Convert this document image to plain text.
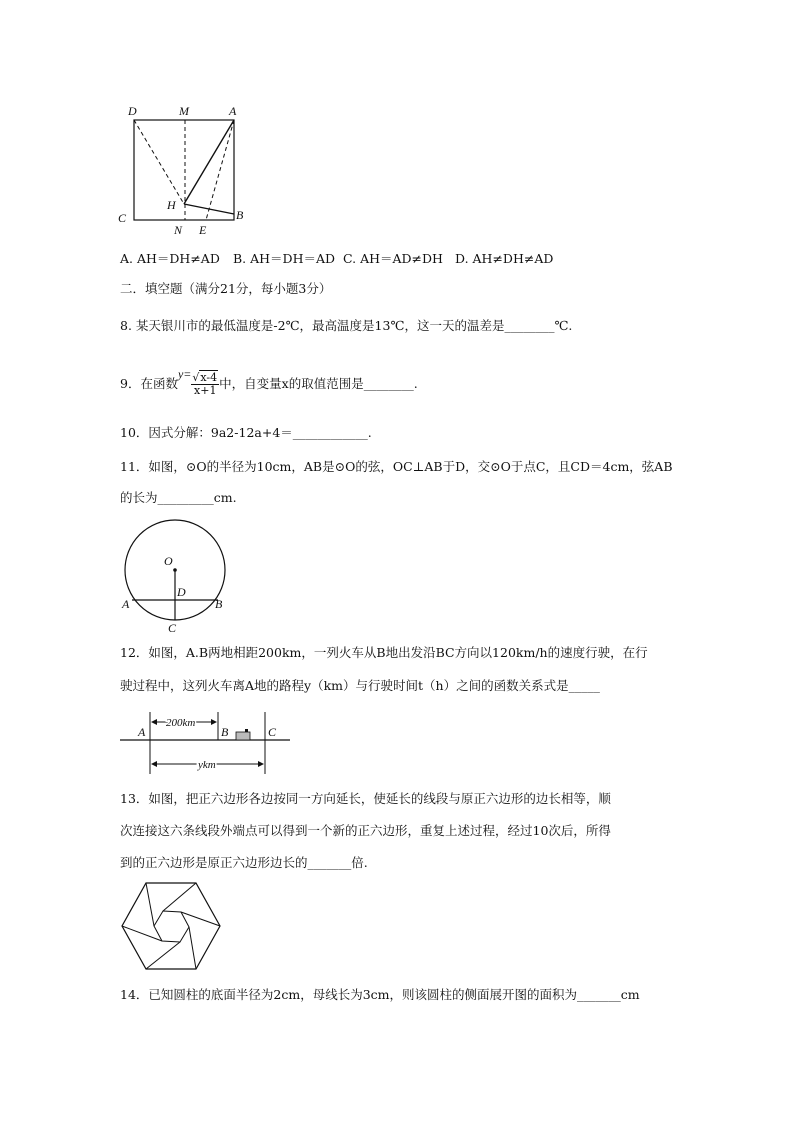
D	M	A
H
B
C
N E
A. AH＝DH≠AD B. AH＝DH＝AD C. AH＝AD≠DH D. AH≠DH≠AD
二．填空题（满分21分，每小题3分）
8. 某天银川市的最低温度是-2℃，最高温度是13℃，这一天的温差是________℃.
9．在函数$y= \frac{√x-4}{x+1}$ 中，自变量x的取值范围是________.
10．因式分解：9a2-12a+4＝____________.
11．如图，⊙O的半径为10cm，AB是⊙O的弦，OC⊥AB于D，交⊙O于点C，且CD＝4cm，弦AB
的长为_________cm.
O
D
A	B
C
12．如图，A.B两地相距200km，一列火车从B地出发沿BC方向以120km/h的速度行驶，在行
驶过程中，这列火车离A地的路程y（km）与行驶时间t（h）之间的函数关系式是_____
200km
ykm
A	B	C
13．如图，把正六边形各边按同一方向延长，使延长的线段与原正六边形的边长相等，顺
次连接这六条线段外端点可以得到一个新的正六边形，重复上述过程，经过10次后，所得
到的正六边形是原正六边形边长的_______倍.
14．已知圆柱的底面半径为2cm，母线长为3cm，则该圆柱的侧面展开图的面积为_______cm
